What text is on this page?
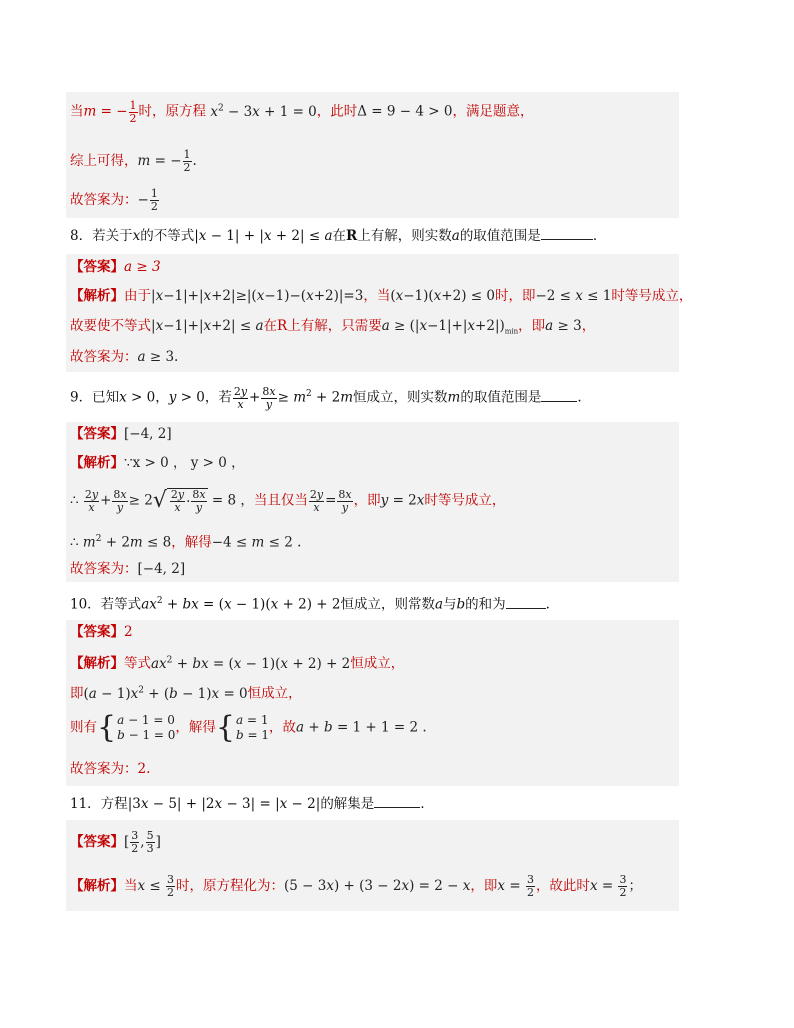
当m = − $\frac{1}{2}$ 时，原方程 $x^2 - 3x + 1 = 0$，此时Δ = 9 − 4 > 0，满足题意，
综上可得，m = − $\frac{1}{2}$ .
故答案为：− $\frac{1}{2}$
8．若关于x的不等式|x − 1| + |x + 2| ≤ a在R上有解，则实数a的取值范围是	．
【答案】a ≥ 3
【解析】由于|x−1|+|x+2|≥|(x−1)−(x+2)|=3，当(x−1)(x+2) ≤ 0时，即−2 ≤ x ≤ 1时等号成立，
故要使不等式|x−1|+|x+2| ≤ a在R上有解，只需要$a \ge (|x-1|+|x+2|)_{min}$，即a ≥ 3，
故答案为：a ≥ 3.
9．已知x > 0，y > 0，若 $\frac{2y}{x} + \frac{8x}{y} \ge m^2 + 2m$恒成立，则实数m的取值范围是	.
【答案】[−4, 2]
【解析】∵x > 0 ， y > 0 ，
∴ $\frac{2y}{x} + \frac{8x}{y} \ge 2$ √ $\frac{2y}{x} \cdot \frac{8x}{y} = 8$ ，当且仅当 $\frac{2y}{x} = \frac{8x}{y}$ ，即y = 2x时等号成立，
∴ $m^2 + 2m \le 8$，解得−4 ≤ m ≤ 2 .
故答案为：[−4, 2]
10．若等式$ax^2$ + bx = (x − 1)(x + 2) + 2恒成立，则常数a与b的和为	.
【答案】2
【解析】等式$ax^2$ + bx = (x − 1)(x + 2) + 2恒成立，
即$(a - 1)x^2 + (b - 1)x = 0$恒成立，
则有 { a − 1 = 0
b − 1 = 0 ，解得 { a = 1
b = 1 ，故a + b = 1 + 1 = 2 .
故答案为：2.
11．方程|3x − 5| + |2x − 3| = |x − 2|的解集是	．
【答案】[ $\frac{3}{2}$ , $\frac{5}{3}$ ]
【解析】当$x \le \frac{3}{2}$ 时，原方程化为：(5 − 3x) + (3 − 2x) = 2 − x，即$x = \frac{3}{2}$ ，故此时$x = \frac{3}{2}$ ；
